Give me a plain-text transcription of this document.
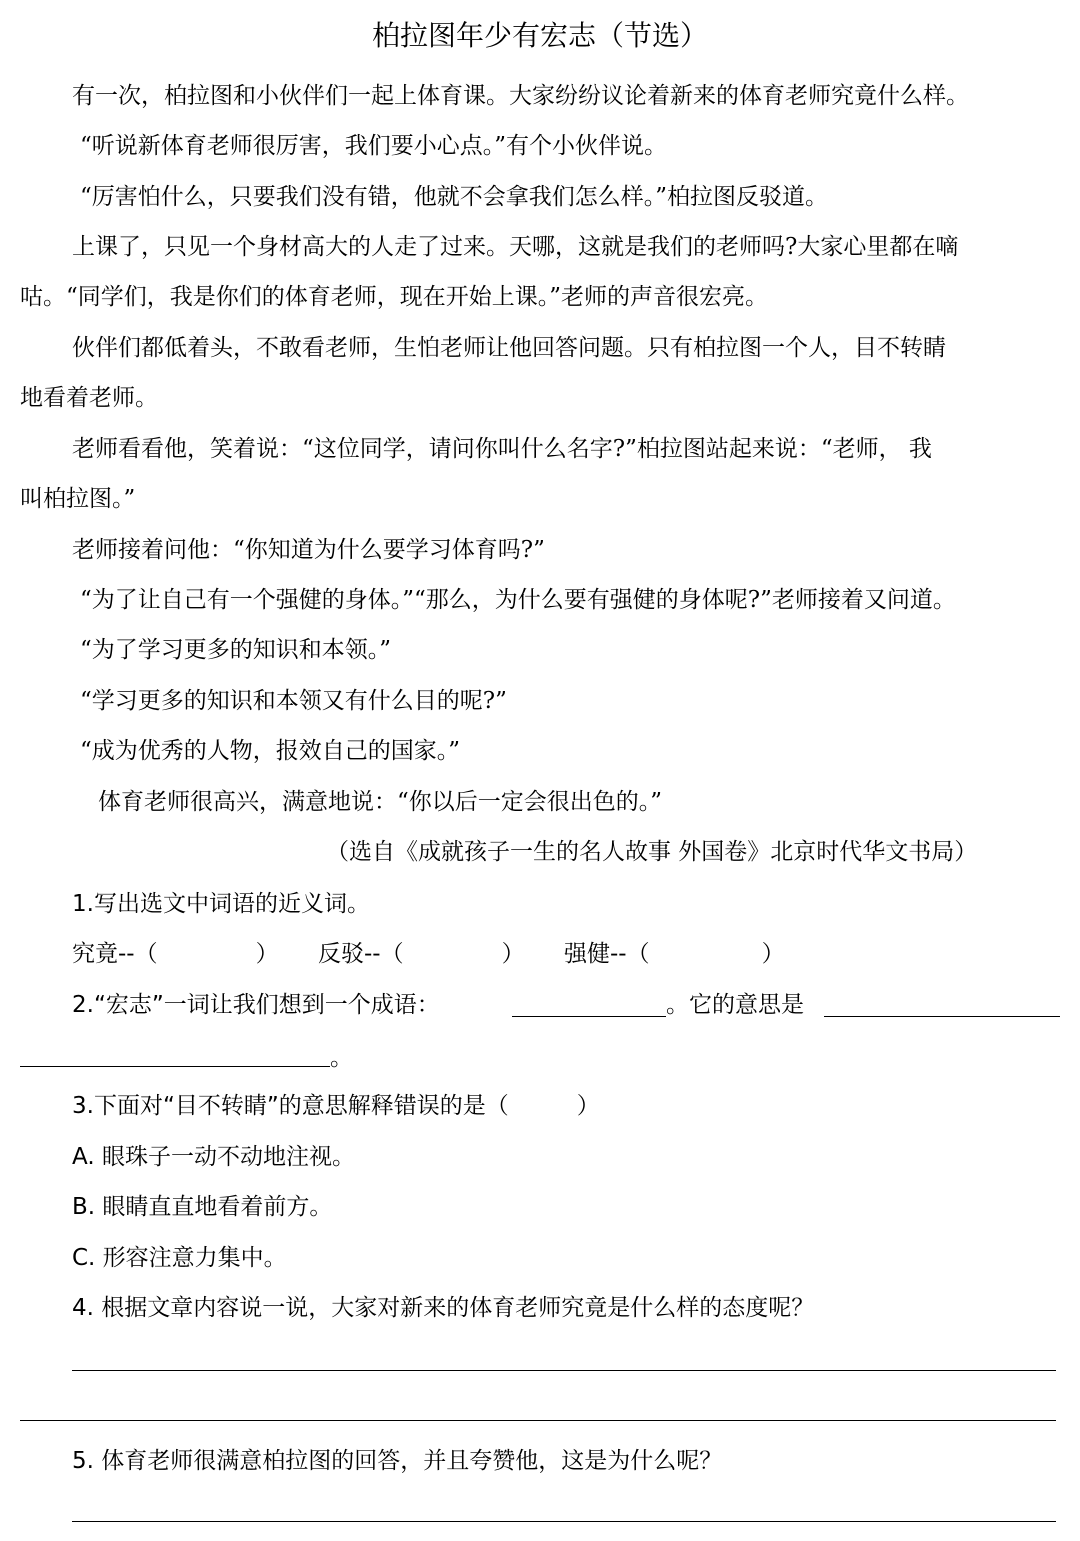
柏拉图年少有宏志（节选）
有一次，柏拉图和小伙伴们一起上体育课。大家纷纷议论着新来的体育老师究竟什么样。
“听说新体育老师很厉害，我们要小心点。”有个小伙伴说。
“厉害怕什么，只要我们没有错，他就不会拿我们怎么样。”柏拉图反驳道。
上课了，只见一个身材高大的人走了过来。天哪，这就是我们的老师吗?大家心里都在嘀
咕。“同学们，我是你们的体育老师，现在开始上课。”老师的声音很宏亮。
伙伴们都低着头，不敢看老师，生怕老师让他回答问题。只有柏拉图一个人，目不转睛
地看着老师。
老师看看他，笑着说：“这位同学，请问你叫什么名字?”柏拉图站起来说：“老师， 我
叫柏拉图。”
老师接着问他：“你知道为什么要学习体育吗?”
“为了让自己有一个强健的身体。”“那么，为什么要有强健的身体呢?”老师接着又问道。
“为了学习更多的知识和本领。”
“学习更多的知识和本领又有什么目的呢?”
“成为优秀的人物，报效自己的国家。”
体育老师很高兴，满意地说：“你以后一定会很出色的。”
（选自《成就孩子一生的名人故事 外国卷》北京时代华文书局）
1.写出选文中词语的近义词。
究竟--（	） 反驳--（	） 强健--（	）
2.“宏志”一词让我们想到一个成语：	。它的意思是
。
3.下面对“目不转睛”的意思解释错误的是（	）
A. 眼珠子一动不动地注视。
B. 眼睛直直地看着前方。
C. 形容注意力集中。
4. 根据文章内容说一说，大家对新来的体育老师究竟是什么样的态度呢？
5. 体育老师很满意柏拉图的回答，并且夸赞他，这是为什么呢？
